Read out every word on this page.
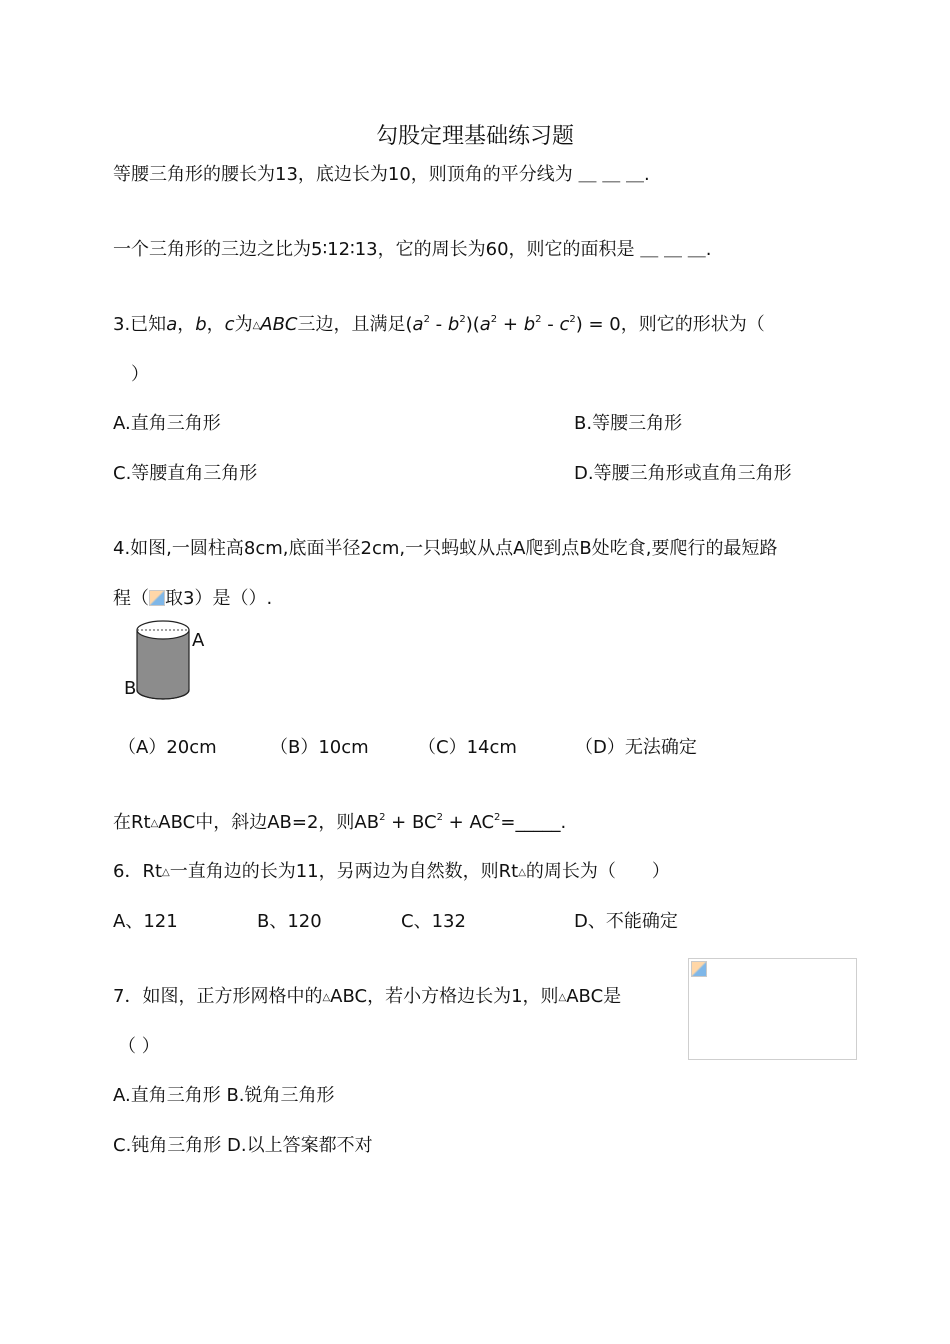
勾股定理基础练习题
等腰三角形的腰长为13，底边长为10，则顶角的平分线为 ＿ ＿ ＿.
一个三角形的三边之比为5∶12∶13，它的周长为60，则它的面积是 ＿ ＿ ＿.
3.已知a，b，c为△ABC三边，且满足$(a^2 - b^2)(a^2 + b^2 - c^2) = 0$，则它的形状为（
）
A.直角三角形	B.等腰三角形
C.等腰直角三角形	D.等腰三角形或直角三角形
4.如图,一圆柱高8cm,底面半径2cm,一只蚂蚁从点A爬到点B处吃食,要爬行的最短路
程（ 取3）是（）.
A
B
（A）20cm	（B）10cm	（C）14cm	（D）无法确定
在Rt△ABC中，斜边AB=2，则$AB^2 + BC^2$ + $AC^2=\_\_\_\_\_$.
6．Rt△一直角边的长为11，另两边为自然数，则Rt△的周长为（　　）
A、121	B、120	C、132	D、不能确定
7．如图，正方形网格中的△ABC，若小方格边长为1，则△ABC是
（ ）
A.直角三角形 B.锐角三角形
C.钝角三角形 D.以上答案都不对
